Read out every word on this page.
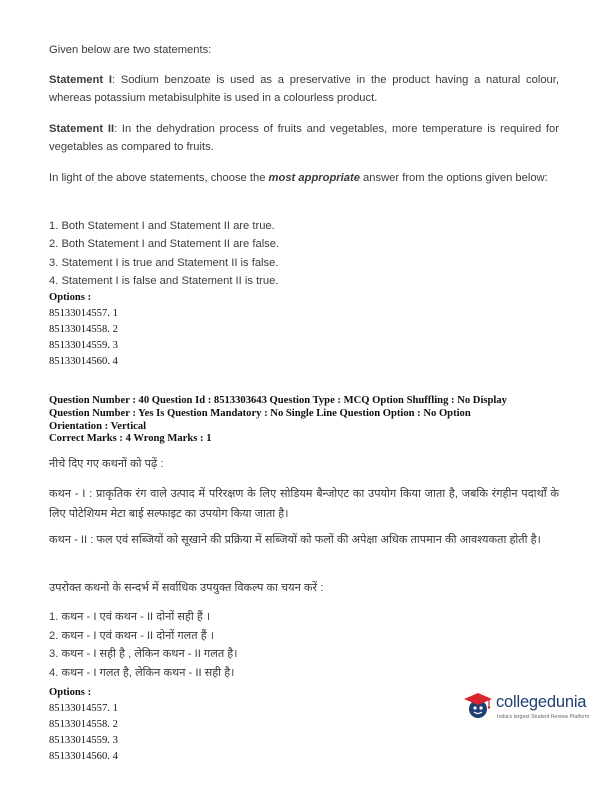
Given below are two statements:
Statement I: Sodium benzoate is used as a preservative in the product having a natural colour, whereas potassium metabisulphite is used in a colourless product.
Statement II: In the dehydration process of fruits and vegetables, more temperature is required for vegetables as compared to fruits.
In light of the above statements, choose the most appropriate answer from the options given below:
1. Both Statement I and Statement II are true.
2. Both Statement I and Statement II are false.
3. Statement I is true and Statement II is false.
4. Statement I is false and Statement II is true.
Options :
85133014557. 1
85133014558. 2
85133014559. 3
85133014560. 4
Question Number : 40 Question Id : 8513303643 Question Type : MCQ Option Shuffling : No Display
Question Number : Yes Is Question Mandatory : No Single Line Question Option : No Option
Orientation : Vertical
Correct Marks : 4 Wrong Marks : 1
नीचे दिए गए कथनों को पढ़ें :
कथन - I : प्राकृतिक रंग वाले उत्पाद में परिरक्षण के लिए सोडियम बैन्जोएट का उपयोग किया जाता है, जबकि रंगहीन पदार्थों के लिए पोटेशियम मेटा बाई सल्फाइट का उपयोग किया जाता है।
कथन - II : फल एवं सब्जियों को सूखाने की प्रक्रिया में सब्जियों को फलों की अपेक्षा अधिक तापमान की आवश्यकता होती है।
उपरोक्त कथनो के सन्दर्भ में सर्वाधिक उपयुक्त विकल्प का चयन करें :
1. कथन - I एवं कथन - II दोनों सही हैं ।
2. कथन - I एवं कथन - II दोनों गलत हैं ।
3. कथन - I सही है , लेकिन कथन - II गलत है।
4. कथन - I गलत है, लेकिन कथन - II सही है।
Options :
85133014557. 1
85133014558. 2
85133014559. 3
85133014560. 4
collegedunia
India's largest Student Review Platform
